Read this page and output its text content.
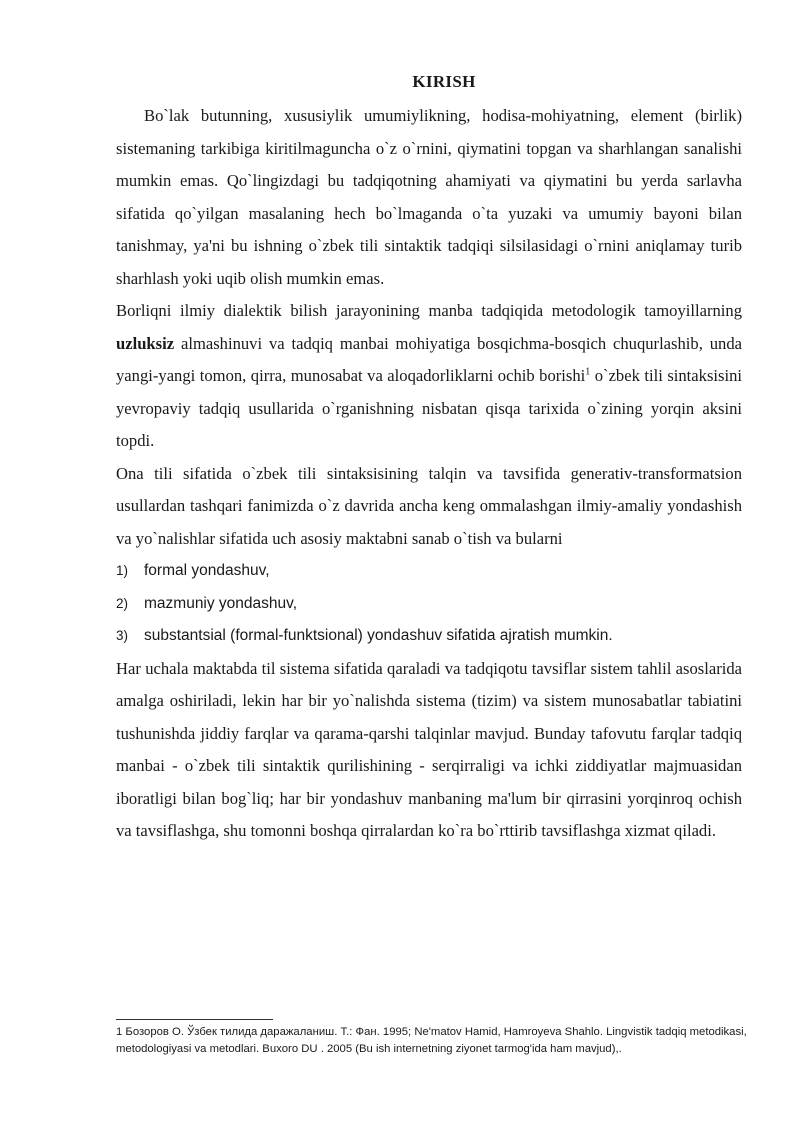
KIRISH

Bo`lak butunning, xususiylik umumiylikning, hodisa-mohiyatning, element (birlik) sistemaning tarkibiga kiritilmaguncha o`z o`rnini, qiymatini topgan va sharhlangan sanalishi mumkin emas. Qo`lingizdagi bu tadqiqotning ahamiyati va qiymatini bu yerda sarlavha sifatida qo`yilgan masalaning hech bo`lmaganda o`ta yuzaki va umumiy bayoni bilan tanishmay, ya'ni bu ishning o`zbek tili sintaktik tadqiqi silsilasidagi o`rnini aniqlamay turib sharhlash yoki uqib olish mumkin emas.

Borliqni ilmiy dialektik bilish jarayonining manba tadqiqida metodologik tamoyillarning uzluksiz almashinuvi va tadqiq manbai mohiyatiga bosqichma-bosqich chuqurlashib, unda yangi-yangi tomon, qirra, munosabat va aloqadorliklarni ochib borishi$^1$ o`zbek tili sintaksisini yevropaviy tadqiq usullarida o`rganishning nisbatan qisqa tarixida o`zining yorqin aksini topdi.

Ona tili sifatida o`zbek tili sintaksisining talqin va tavsifida generativ-transformatsion usullardan tashqari fanimizda o`z davrida ancha keng ommalashgan ilmiy-amaliy yondashish va yo`nalishlar sifatida uch asosiy maktabni sanab o`tish va bularni

1)	formal yondashuv,
2)	mazmuniy yondashuv,
3)	substantsial (formal-funktsional) yondashuv sifatida ajratish mumkin.

Har uchala maktabda til sistema sifatida qaraladi va tadqiqotu tavsiflar sistem tahlil asoslarida amalga oshiriladi, lekin har bir yo`nalishda sistema (tizim) va sistem munosabatlar tabiatini tushunishda jiddiy farqlar va qarama-qarshi talqinlar mavjud. Bunday tafovutu farqlar tadqiq manbai - o`zbek tili sintaktik qurilishining - serqirraligi va ichki ziddiyatlar majmuasidan iboratligi bilan bog`liq; har bir yondashuv manbaning ma'lum bir qirrasini yorqinroq ochish va tavsiflashga, shu tomonni boshqa qirralardan ko`ra bo`rttirib tavsiflashga xizmat qiladi.

1 Бозоров О. Ўзбек тилида даражаланиш. Т.: Фан. 1995; Ne'matov Hamid, Hamroyeva Shahlo. Lingvistik tadqiq metodikasi, metodologiyasi va metodlari. Buxoro DU . 2005 (Bu ish internetning ziyonet tarmog'ida ham mavjud),.
